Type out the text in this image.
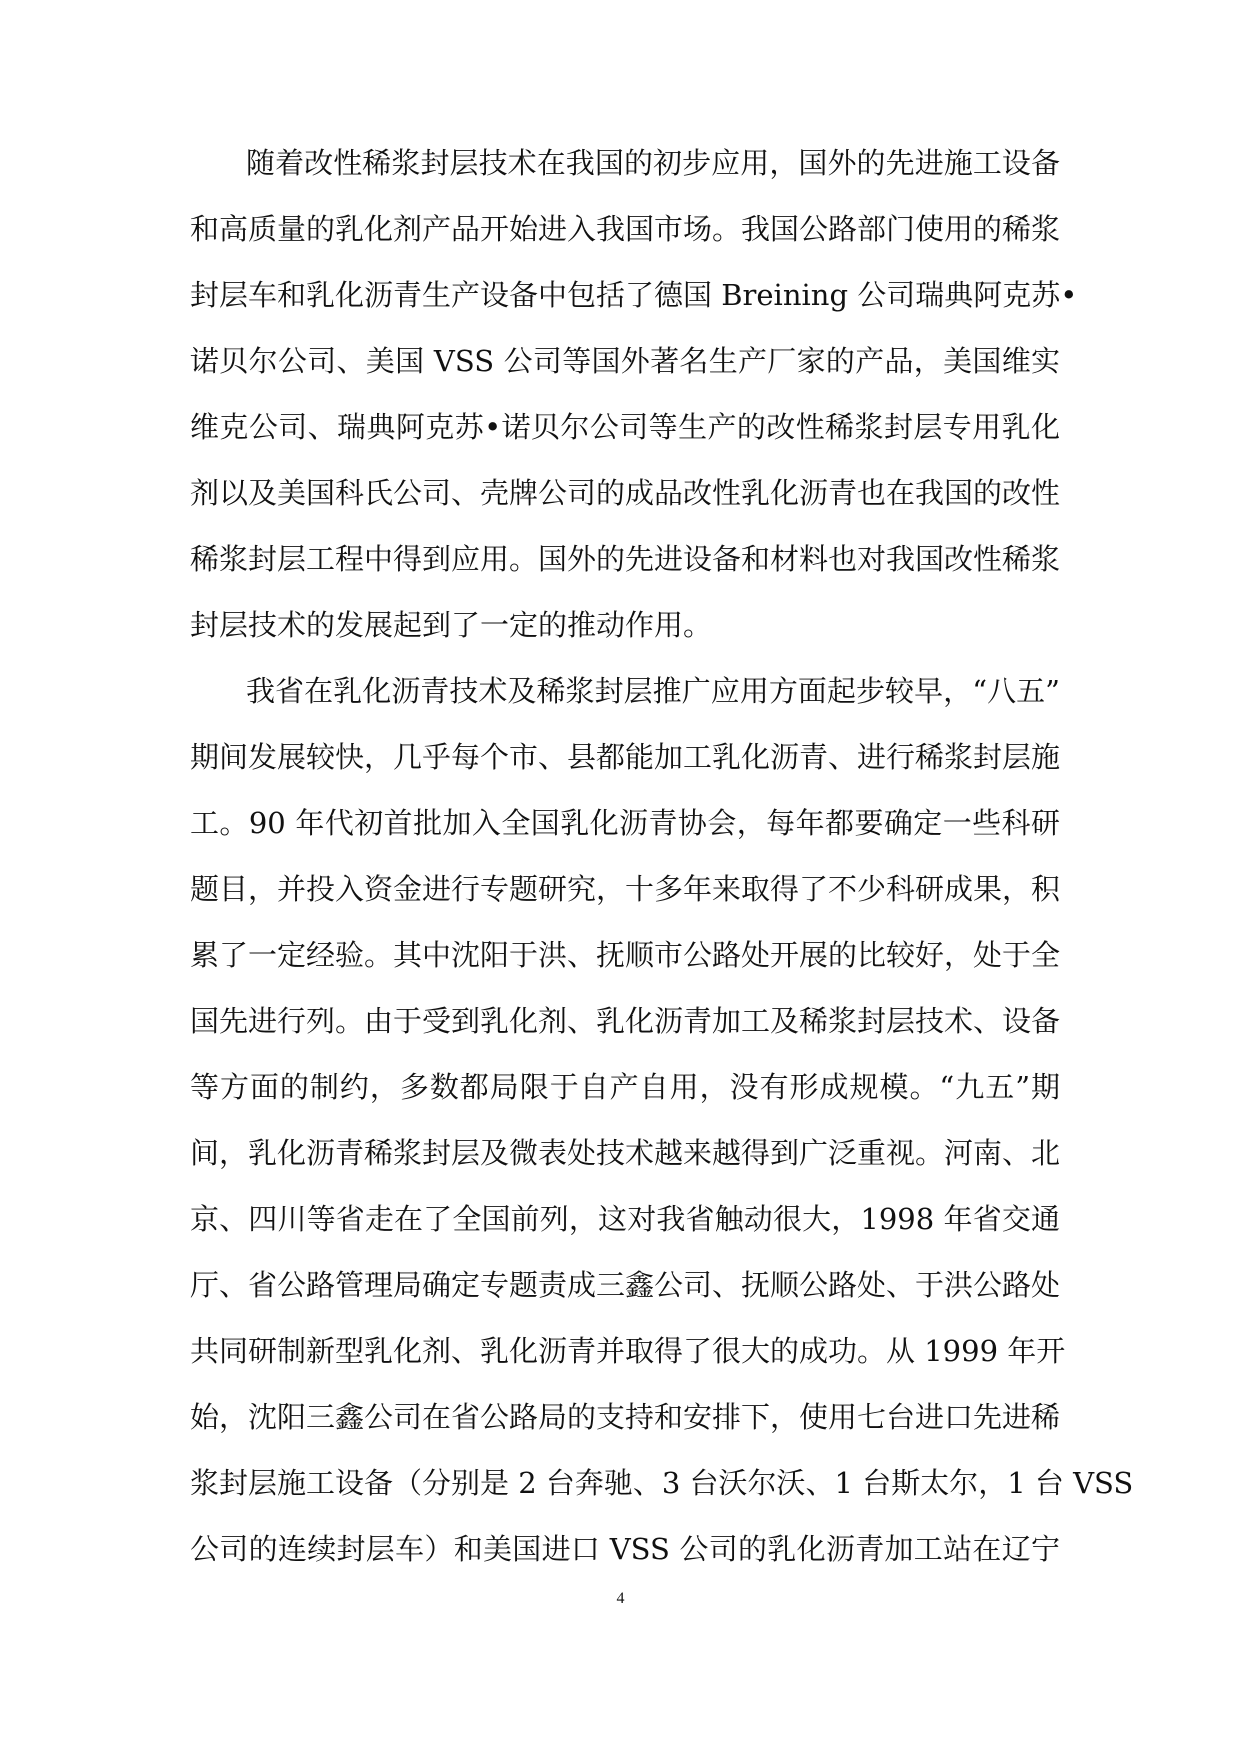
随着改性稀浆封层技术在我国的初步应用，国外的先进施工设备
和高质量的乳化剂产品开始进入我国市场。我国公路部门使用的稀浆
封层车和乳化沥青生产设备中包括了德国 Breining 公司瑞典阿克苏•
诺贝尔公司、美国 VSS 公司等国外著名生产厂家的产品，美国维实
维克公司、瑞典阿克苏•诺贝尔公司等生产的改性稀浆封层专用乳化
剂以及美国科氏公司、壳牌公司的成品改性乳化沥青也在我国的改性
稀浆封层工程中得到应用。国外的先进设备和材料也对我国改性稀浆
封层技术的发展起到了一定的推动作用。
我省在乳化沥青技术及稀浆封层推广应用方面起步较早，“八五”
期间发展较快，几乎每个市、县都能加工乳化沥青、进行稀浆封层施
工。90 年代初首批加入全国乳化沥青协会，每年都要确定一些科研
题目，并投入资金进行专题研究，十多年来取得了不少科研成果，积
累了一定经验。其中沈阳于洪、抚顺市公路处开展的比较好，处于全
国先进行列。由于受到乳化剂、乳化沥青加工及稀浆封层技术、设备
等方面的制约，多数都局限于自产自用，没有形成规模。“九五”期
间，乳化沥青稀浆封层及微表处技术越来越得到广泛重视。河南、北
京、四川等省走在了全国前列，这对我省触动很大，1998 年省交通
厅、省公路管理局确定专题责成三鑫公司、抚顺公路处、于洪公路处
共同研制新型乳化剂、乳化沥青并取得了很大的成功。从 1999 年开
始，沈阳三鑫公司在省公路局的支持和安排下，使用七台进口先进稀
浆封层施工设备（分别是 2 台奔驰、3 台沃尔沃、1 台斯太尔，1 台 VSS
公司的连续封层车）和美国进口 VSS 公司的乳化沥青加工站在辽宁
4
